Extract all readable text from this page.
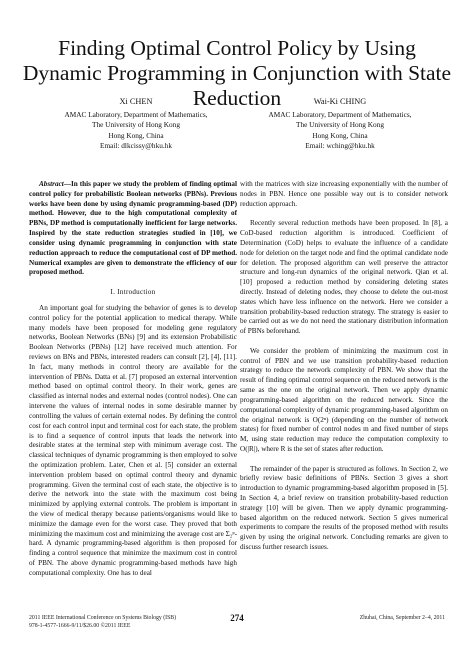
Finding Optimal Control Policy by Using Dynamic Programming in Conjunction with State Reduction
Xi CHEN
AMAC Laboratory, Department of Mathematics,
The University of Hong Kong
Hong Kong, China
Email: dlkcissy@hku.hk
Wai-Ki CHING
AMAC Laboratory, Department of Mathematics,
The University of Hong Kong
Hong Kong, China
Email: wching@hku.hk

Abstract—In this paper we study the problem of finding optimal control policy for probabilistic Boolean networks (PBNs). Previous works have been done by using dynamic programming-based (DP) method. However, due to the high computational complexity of PBNs, DP method is computationally inefficient for large networks. Inspired by the state reduction strategies studied in [10], we consider using dynamic programming in conjunction with state reduction approach to reduce the computational cost of DP method. Numerical examples are given to demonstrate the efficiency of our proposed method.

I. Introduction

An important goal for studying the behavior of genes is to develop control policy for the potential application to medical therapy. While many models have been proposed for modeling gene regulatory networks, Boolean Networks (BNs) [9] and its extension Probabilistic Boolean Networks (PBNs) [12] have received much attention. For reviews on BNs and PBNs, interested readers can consult [2], [4], [11]. In fact, many methods in control theory are available for the intervention of PBNs. Datta et al. [7] proposed an external intervention method based on optimal control theory. In their work, genes are classified as internal nodes and external nodes (control nodes). One can intervene the values of internal nodes in some desirable manner by controlling the values of certain external nodes. By defining the control cost for each control input and terminal cost for each state, the problem is to find a sequence of control inputs that leads the network into desirable states at the terminal step with minimum average cost. The classical techniques of dynamic programming is then employed to solve the optimization problem. Later, Chen et al. [5] consider an external intervention problem based on optimal control theory and dynamic programming. Given the terminal cost of each state, the objective is to derive the network into the state with the maximum cost being minimized by applying external controls. The problem is important in the view of medical therapy because patients/organisms would like to minimize the damage even for the worst case. They proved that both minimizing the maximum cost and minimizing the average cost are Σ₂ᵖ-hard. A dynamic programming-based algorithm is then proposed for finding a control sequence that minimize the maximum cost in control of PBN. The above dynamic programming-based methods have high computational complexity. One has to deal

with the matrices with size increasing exponentially with the number of nodes in PBN. Hence one possible way out is to consider network reduction approach.

Recently several reduction methods have been proposed. In [8], a CoD-based reduction algorithm is introduced. Coefficient of Determination (CoD) helps to evaluate the influence of a candidate node for deletion on the target node and find the optimal candidate node for deletion. The proposed algorithm can well preserve the attractor structure and long-run dynamics of the original network. Qian et al. [10] proposed a reduction method by considering deleting states directly. Instead of deleting nodes, they choose to delete the out-most states which have less influence on the network. Here we consider a transition probability-based reduction strategy. The strategy is easier to be carried out as we do not need the stationary distribution information of PBNs beforehand.

We consider the problem of minimizing the maximum cost in control of PBN and we use transition probability-based reduction strategy to reduce the network complexity of PBN. We show that the result of finding optimal control sequence on the reduced network is the same as the one on the original network. Then we apply dynamic programming-based algorithm on the reduced network. Since the computational complexity of dynamic programming-based algorithm on the original network is O(2ⁿ) (depending on the number of network states) for fixed number of control nodes m and fixed number of steps M, using state reduction may reduce the computation complexity to O(|R|), where R is the set of states after reduction.

The remainder of the paper is structured as follows. In Section 2, we briefly review basic definitions of PBNs. Section 3 gives a short introduction to dynamic programming-based algorithm proposed in [5]. In Section 4, a brief review on transition probability-based reduction strategy [10] will be given. Then we apply dynamic programming-based algorithm on the reduced network. Section 5 gives numerical experiments to compare the results of the proposed method with results given by using the original network. Concluding remarks are given to discuss further research issues.

2011 IEEE International Conference on Systems Biology (ISB)
978-1-4577-1666-9/11/$26.00 ©2011 IEEE
274	Zhuhai, China, September 2–4, 2011
